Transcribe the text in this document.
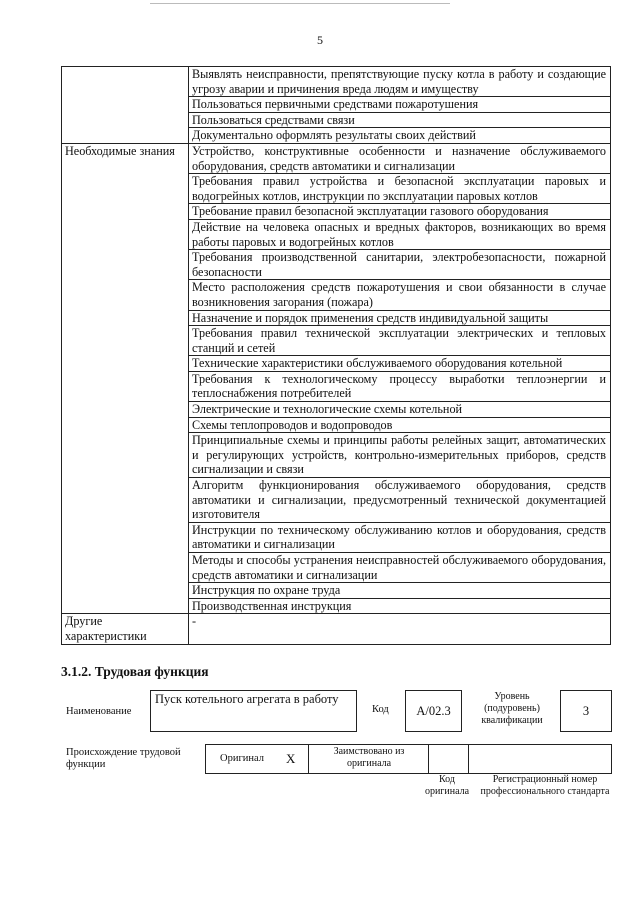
5
	Выявлять неисправности, препятствующие пуску котла в работу и создающие угрозу аварии и причинения вреда людям и имуществу
	Пользоваться первичными средствами пожаротушения
	Пользоваться средствами связи
	Документально оформлять результаты своих действий
Необходимые знания	Устройство, конструктивные особенности и назначение обслуживаемого оборудования, средств автоматики и сигнализации
	Требования правил устройства и безопасной эксплуатации паровых и водогрейных котлов, инструкции по эксплуатации паровых котлов
	Требование правил безопасной эксплуатации газового оборудования
	Действие на человека опасных и вредных факторов, возникающих во время работы паровых и водогрейных котлов
	Требования производственной санитарии, электробезопасности, пожарной безопасности
	Место расположения средств пожаротушения и свои обязанности в случае возникновения загорания (пожара)
	Назначение и порядок применения средств индивидуальной защиты
	Требования правил технической эксплуатации электрических и тепловых станций и сетей
	Технические характеристики обслуживаемого оборудования котельной
	Требования к технологическому процессу выработки теплоэнергии и теплоснабжения потребителей
	Электрические и технологические схемы котельной
	Схемы теплопроводов и водопроводов
	Принципиальные схемы и принципы работы релейных защит, автоматических и регулирующих устройств, контрольно-измерительных приборов, средств сигнализации и связи
	Алгоритм функционирования обслуживаемого оборудования, средств автоматики и сигнализации, предусмотренный технической документацией изготовителя
	Инструкции по техническому обслуживанию котлов и оборудования, средств автоматики и сигнализации
	Методы и способы устранения неисправностей обслуживаемого оборудования, средств автоматики и сигнализации
	Инструкция по охране труда
	Производственная инструкция
Другие характеристики	-
3.1.2. Трудовая функция
Наименование
Пуск котельного агрегата в работу
Код	A/02.3
Уровень (подуровень) квалификации
3
Происхождение трудовой функции
Оригинал X	Заимствовано из оригинала
Код оригинала
Регистрационный номер профессионального стандарта
